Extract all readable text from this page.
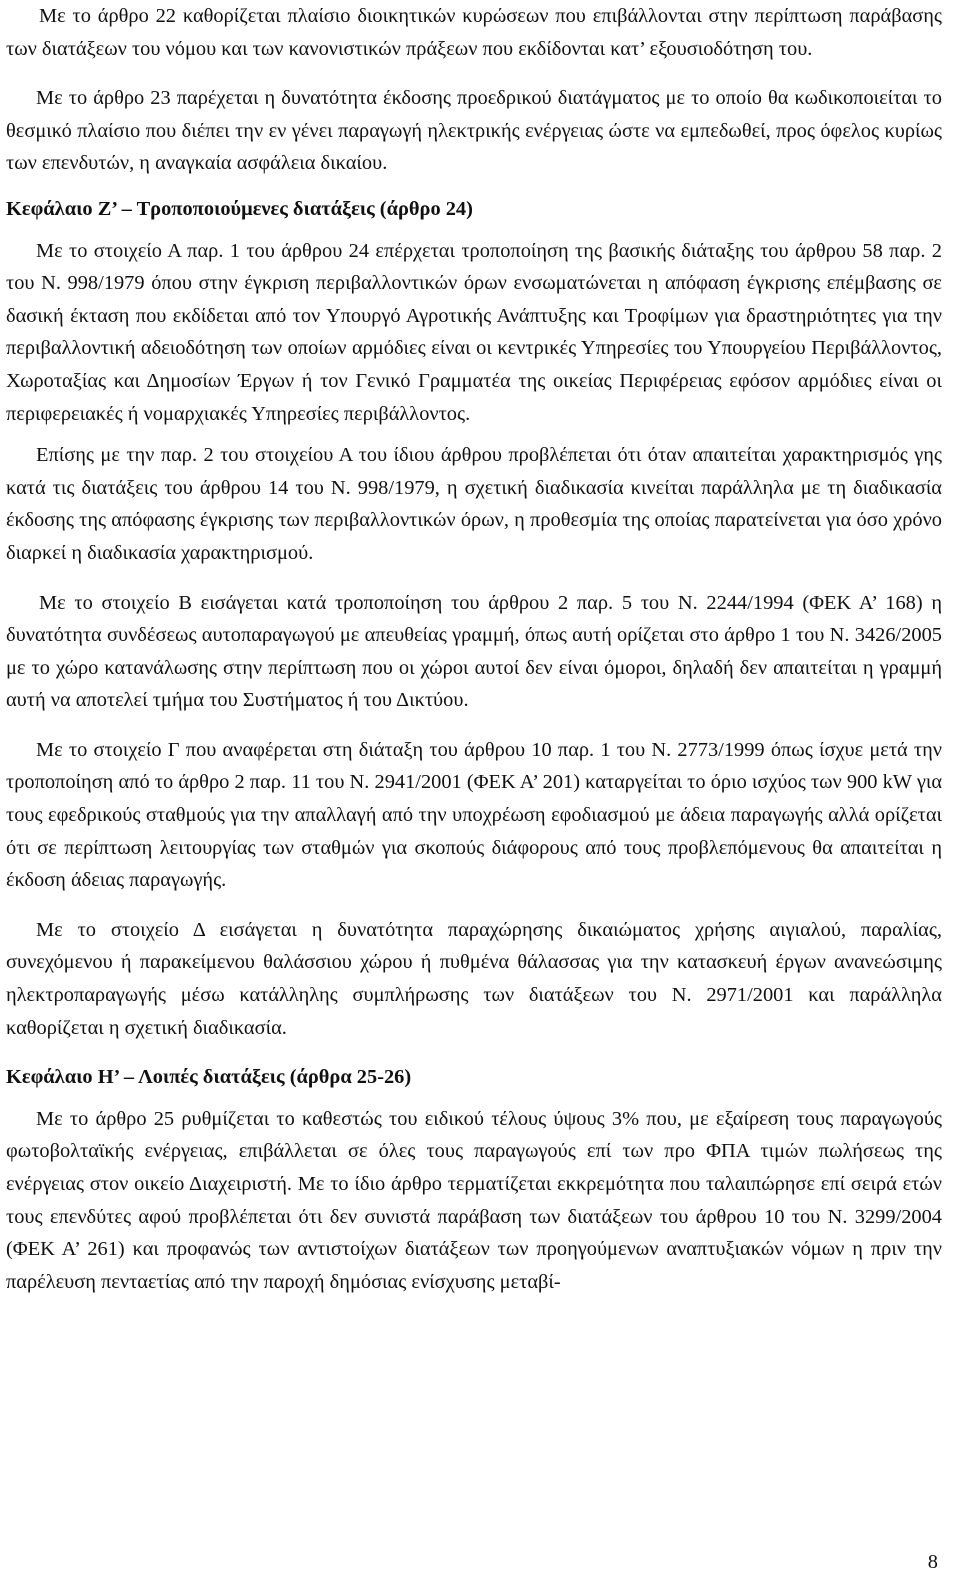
Με το άρθρο 22 καθορίζεται πλαίσιο διοικητικών κυρώσεων που επιβάλλονται στην περίπτωση παράβασης των διατάξεων του νόμου και των κανονιστικών πράξεων που εκδίδονται κατ’ εξουσιοδότηση του.

Με το άρθρο 23 παρέχεται η δυνατότητα έκδοσης προεδρικού διατάγματος με το οποίο θα κωδικοποιείται το θεσμικό πλαίσιο που διέπει την εν γένει παραγωγή ηλεκτρικής ενέργειας ώστε να εμπεδωθεί, προς όφελος κυρίως των επενδυτών, η αναγκαία ασφάλεια δικαίου.

Κεφάλαιο Ζ’ – Τροποποιούμενες διατάξεις (άρθρο 24)

Με το στοιχείο Α παρ. 1 του άρθρου 24 επέρχεται τροποποίηση της βασικής διάταξης του άρθρου 58 παρ. 2 του Ν. 998/1979 όπου στην έγκριση περιβαλλοντικών όρων ενσωματώνεται η απόφαση έγκρισης επέμβασης σε δασική έκταση που εκδίδεται από τον Υπουργό Αγροτικής Ανάπτυξης και Τροφίμων για δραστηριότητες για την περιβαλλοντική αδειοδότηση των οποίων αρμόδιες είναι οι κεντρικές Υπηρεσίες του Υπουργείου Περιβάλλοντος, Χωροταξίας και Δημοσίων Έργων ή τον Γενικό Γραμματέα της οικείας Περιφέρειας εφόσον αρμόδιες είναι οι περιφερειακές ή νομαρχιακές Υπηρεσίες περιβάλλοντος.

Επίσης με την παρ. 2 του στοιχείου Α του ίδιου άρθρου προβλέπεται ότι όταν απαιτείται χαρακτηρισμός γης κατά τις διατάξεις του άρθρου 14 του Ν. 998/1979, η σχετική διαδικασία κινείται παράλληλα με τη διαδικασία έκδοσης της απόφασης έγκρισης των περιβαλλοντικών όρων, η προθεσμία της οποίας παρατείνεται για όσο χρόνο διαρκεί η διαδικασία χαρακτηρισμού.

Με το στοιχείο Β εισάγεται κατά τροποποίηση του άρθρου 2 παρ. 5 του Ν. 2244/1994 (ΦΕΚ Α’ 168) η δυνατότητα συνδέσεως αυτοπαραγωγού με απευθείας γραμμή, όπως αυτή ορίζεται στο άρθρο 1 του Ν. 3426/2005 με το χώρο κατανάλωσης στην περίπτωση που οι χώροι αυτοί δεν είναι όμοροι, δηλαδή δεν απαιτείται η γραμμή αυτή να αποτελεί τμήμα του Συστήματος ή του Δικτύου.

Με το στοιχείο Γ που αναφέρεται στη διάταξη του άρθρου 10 παρ. 1 του Ν. 2773/1999 όπως ίσχυε μετά την τροποποίηση από το άρθρο 2 παρ. 11 του Ν. 2941/2001 (ΦΕΚ Α’ 201) καταργείται το όριο ισχύος των 900 kW για τους εφεδρικούς σταθμούς για την απαλλαγή από την υποχρέωση εφοδιασμού με άδεια παραγωγής αλλά ορίζεται ότι σε περίπτωση λειτουργίας των σταθμών για σκοπούς διάφορους από τους προβλεπόμενους θα απαιτείται η έκδοση άδειας παραγωγής.

Με το στοιχείο Δ εισάγεται η δυνατότητα παραχώρησης δικαιώματος χρήσης αιγιαλού, παραλίας, συνεχόμενου ή παρακείμενου θαλάσσιου χώρου ή πυθμένα θάλασσας για την κατασκευή έργων ανανεώσιμης ηλεκτροπαραγωγής μέσω κατάλληλης συμπλήρωσης των διατάξεων του Ν. 2971/2001 και παράλληλα καθορίζεται η σχετική διαδικασία.

Κεφάλαιο Η’ – Λοιπές διατάξεις (άρθρα 25-26)

Με το άρθρο 25 ρυθμίζεται το καθεστώς του ειδικού τέλους ύψους 3% που, με εξαίρεση τους παραγωγούς φωτοβολταϊκής ενέργειας, επιβάλλεται σε όλες τους παραγωγούς επί των προ ΦΠΑ τιμών πωλήσεως της ενέργειας στον οικείο Διαχειριστή. Με το ίδιο άρθρο τερματίζεται εκκρεμότητα που ταλαιπώρησε επί σειρά ετών τους επενδύτες αφού προβλέπεται ότι δεν συνιστά παράβαση των διατάξεων του άρθρου 10 του Ν. 3299/2004 (ΦΕΚ Α’ 261) και προφανώς των αντιστοίχων διατάξεων των προηγούμενων αναπτυξιακών νόμων η πριν την παρέλευση πενταετίας από την παροχή δημόσιας ενίσχυσης μεταβί-

8
